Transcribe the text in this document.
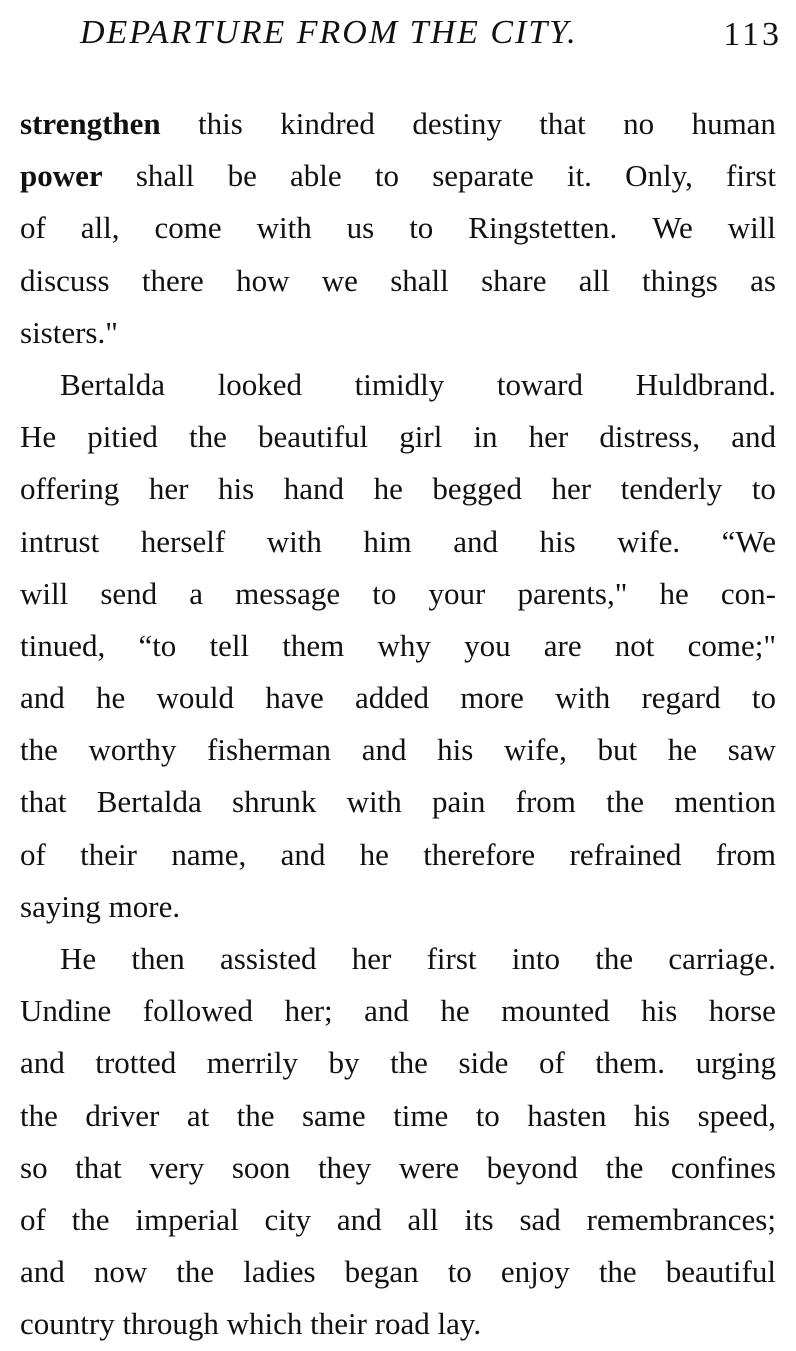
DEPARTURE FROM THE CITY.	113
strengthen this kindred destiny that no human
power shall be able to separate it. Only, first
of all, come with us to Ringstetten. We will
discuss there how we shall share all things as
sisters."
Bertalda looked timidly toward Huldbrand.
He pitied the beautiful girl in her distress, and
offering her his hand he begged her tenderly to
intrust herself with him and his wife. “We
will send a message to your parents," he con-
tinued, “to tell them why you are not come;"
and he would have added more with regard to
the worthy fisherman and his wife, but he saw
that Bertalda shrunk with pain from the mention
of their name, and he therefore refrained from
saying more.
He then assisted her first into the carriage.
Undine followed her; and he mounted his horse
and trotted merrily by the side of them. urging
the driver at the same time to hasten his speed,
so that very soon they were beyond the confines
of the imperial city and all its sad remembrances;
and now the ladies began to enjoy the beautiful
country through which their road lay.
